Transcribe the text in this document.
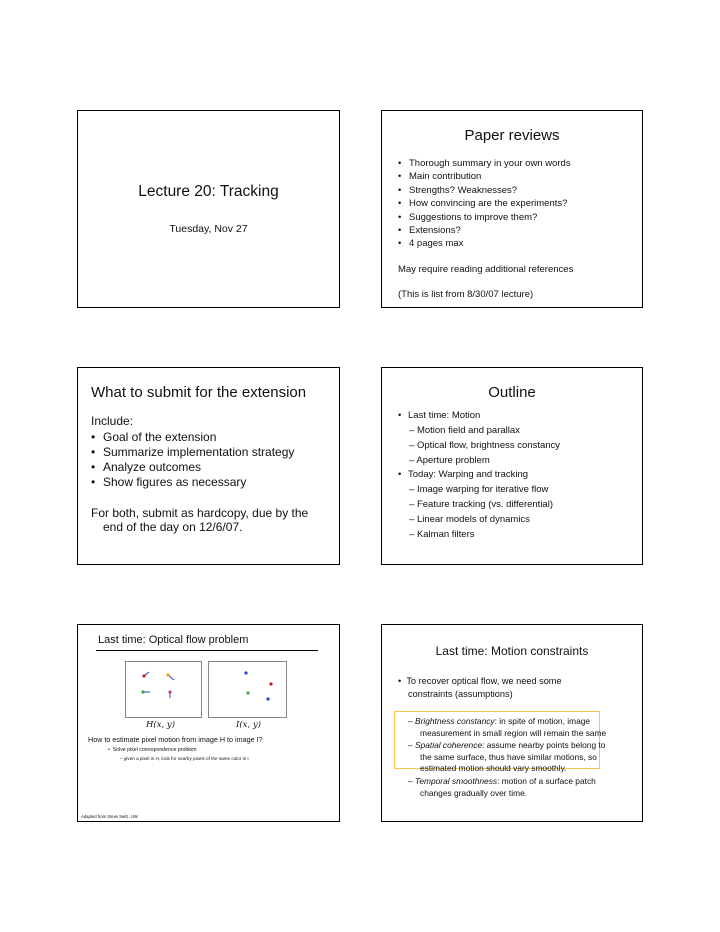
Lecture 20: Tracking
Tuesday, Nov 27
Paper reviews
• Thorough summary in your own words
• Main contribution
• Strengths? Weaknesses?
• How convincing are the experiments?
• Suggestions to improve them?
• Extensions?
• 4 pages max
May require reading additional references
(This is list from 8/30/07 lecture)
What to submit for the extension
Include:
• Goal of the extension
• Summarize implementation strategy
• Analyze outcomes
• Show figures as necessary
For both, submit as hardcopy, due by the
end of the day on 12/6/07.
Outline
• Last time: Motion
– Motion field and parallax
– Optical flow, brightness constancy
– Aperture problem
• Today: Warping and tracking
– Image warping for iterative flow
– Feature tracking (vs. differential)
– Linear models of dynamics
– Kalman filters
Last time: Optical flow problem
H(x, y)	I(x, y)
How to estimate pixel motion from image H to image I?
•  Solve pixel correspondence problem
– given a pixel in H, look for nearby pixels of the same color in I
Adapted from Steve Seitz, UW
Last time: Motion constraints
•  To recover optical flow, we need some
constraints (assumptions)
– Brightness constancy: in spite of motion, image
measurement in small region will remain the same
– Spatial coherence: assume nearby points belong to
the same surface, thus have similar motions, so
estimated motion should vary smoothly.
– Temporal smoothness: motion of a surface patch
changes gradually over time.
